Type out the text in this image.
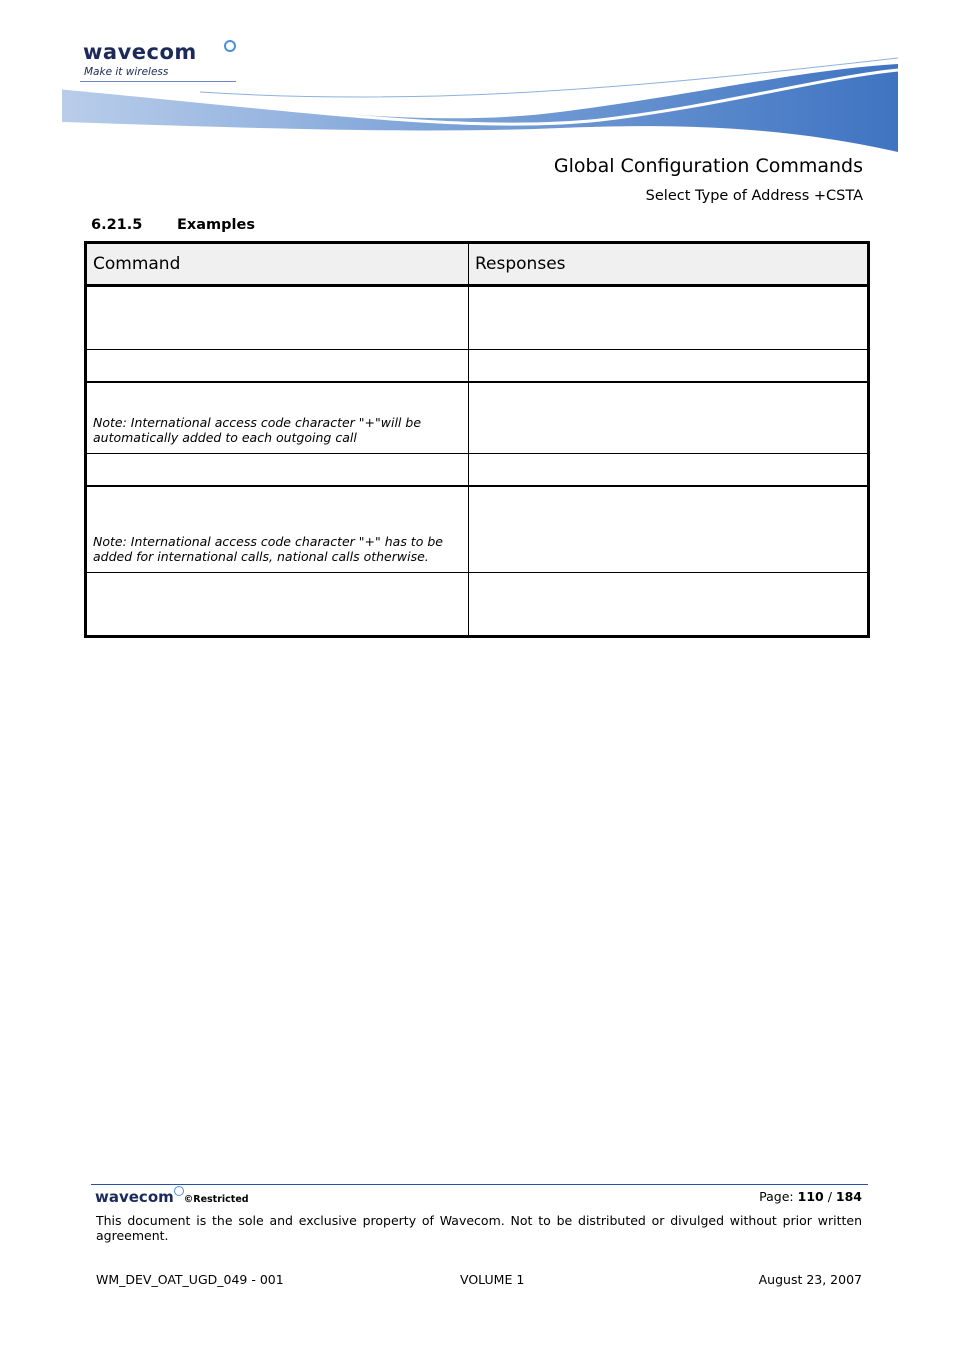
wavecom
Make it wireless
Global Configuration Commands
Select Type of Address +CSTA
6.21.5 Examples
Command	Responses

Note: International access code character "+"will be automatically added to each outgoing call	

Note: International access code character "+" has to be added for international calls, national calls otherwise.	

wavecom ©Restricted	Page: 110 / 184
This document is the sole and exclusive property of Wavecom. Not to be distributed or divulged without prior written agreement.
WM_DEV_OAT_UGD_049 - 001	VOLUME 1	August 23, 2007
